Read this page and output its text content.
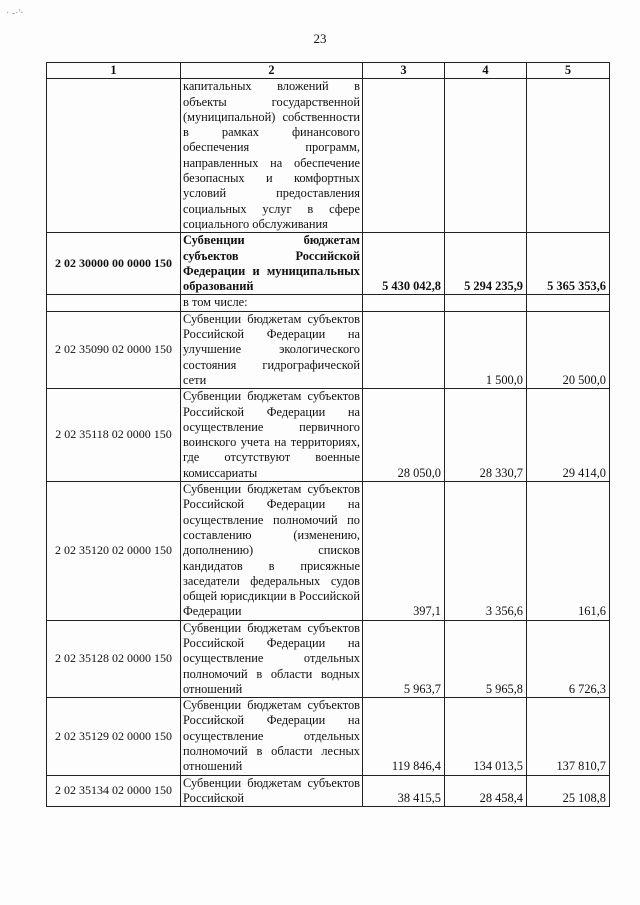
· -·'·
23
1	2	3	4	5
	капитальных вложений в объекты государственной (муниципальной) собственности в рамках финансового обеспечения программ, направленных на обеспечение безопасных и комфортных условий предоставления социальных услуг в сфере социального обслуживания			
2 02 30000 00 0000 150	Субвенции бюджетам субъектов Российской Федерации и муниципальных образований	5 430 042,8	5 294 235,9	5 365 353,6
	в том числе:			
2 02 35090 02 0000 150	Субвенции бюджетам субъектов Российской Федерации на улучшение экологического состояния гидрографической сети		1 500,0	20 500,0
2 02 35118 02 0000 150	Субвенции бюджетам субъектов Российской Федерации на осуществление первичного воинского учета на территориях, где отсутствуют военные комиссариаты	28 050,0	28 330,7	29 414,0
2 02 35120 02 0000 150	Субвенции бюджетам субъектов Российской Федерации на осуществление полномочий по составлению (изменению, дополнению) списков кандидатов в присяжные заседатели федеральных судов общей юрисдикции в Российской Федерации	397,1	3 356,6	161,6
2 02 35128 02 0000 150	Субвенции бюджетам субъектов Российской Федерации на осуществление отдельных полномочий в области водных отношений	5 963,7	5 965,8	6 726,3
2 02 35129 02 0000 150	Субвенции бюджетам субъектов Российской Федерации на осуществление отдельных полномочий в области лесных отношений	119 846,4	134 013,5	137 810,7
2 02 35134 02 0000 150	Субвенции бюджетам субъектов Российской	38 415,5	28 458,4	25 108,8
